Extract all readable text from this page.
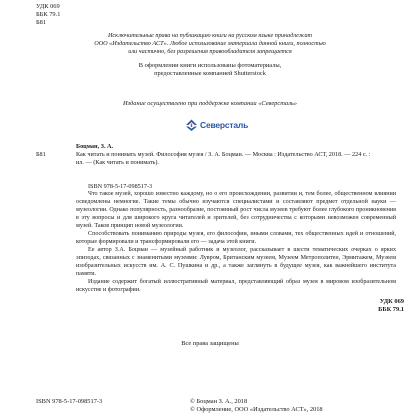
УДК 069
ББК 79.1
Б81
Исключительные права на публикацию книги на русском языке принадлежат
ООО «Издательство АСТ». Любое использование материала данной книги, полностью
или частично, без разрешения правообладателя запрещается
В оформлении книги использованы фотоматериалы,
предоставленные компанией Shutterstock
Издание осуществлено при поддержке компании «Северсталь»
Северсталь
Б81
Боцман, З. А.
Как читать и понимать музей. Философия музея / З. А. Боцман. — Москва : Издательство АСТ, 2018. — 224 с. : ил. — (Как читать и понимать).
ISBN 978-5-17-098517-3

Что такое музей, хорошо известно каждому, но о его происхождении, развитии и, тем более, общественном влиянии осведомлены немногие. Такие темы обычно изучаются специалистами и составляют предмет отдельной науки — музеологии. Однако популярность, разнообразие, постоянный рост числа музеев требуют более глубокого проникновения в эту вопросы и для широкого круга читателей и зрителей, без сотрудничества с которыми невозможен современный музей. Таков принцип новой музеологии.

Способствовать пониманию природы музея, его философии, иными словами, тех общественных идей и отношений, которые формировали и трансформировали его — задача этой книги.

Ее автор З.А. Боцман — музейный работник и музеолог, рассказывает в шести тематических очерках о ярких эпизодах, связанных с знаменитыми музеями: Лувром, Британским музеем, Музеем Метрополитен, Эрмитажем, Музеем изобразительных искусств им. А. С. Пушкина и др., а также заглянуть в будущее музея, как важнейшего института памяти.

Издание содержит богатый иллюстративный материал, представляющий образ музея в мировом изобразительном искусстве и фотографии.

УДК 069
ББК 79.1
Все права защищены
ISBN 978-5-17-098517-3	© Боцман З. А., 2018
© Оформление, ООО «Издательство АСТ», 2018
